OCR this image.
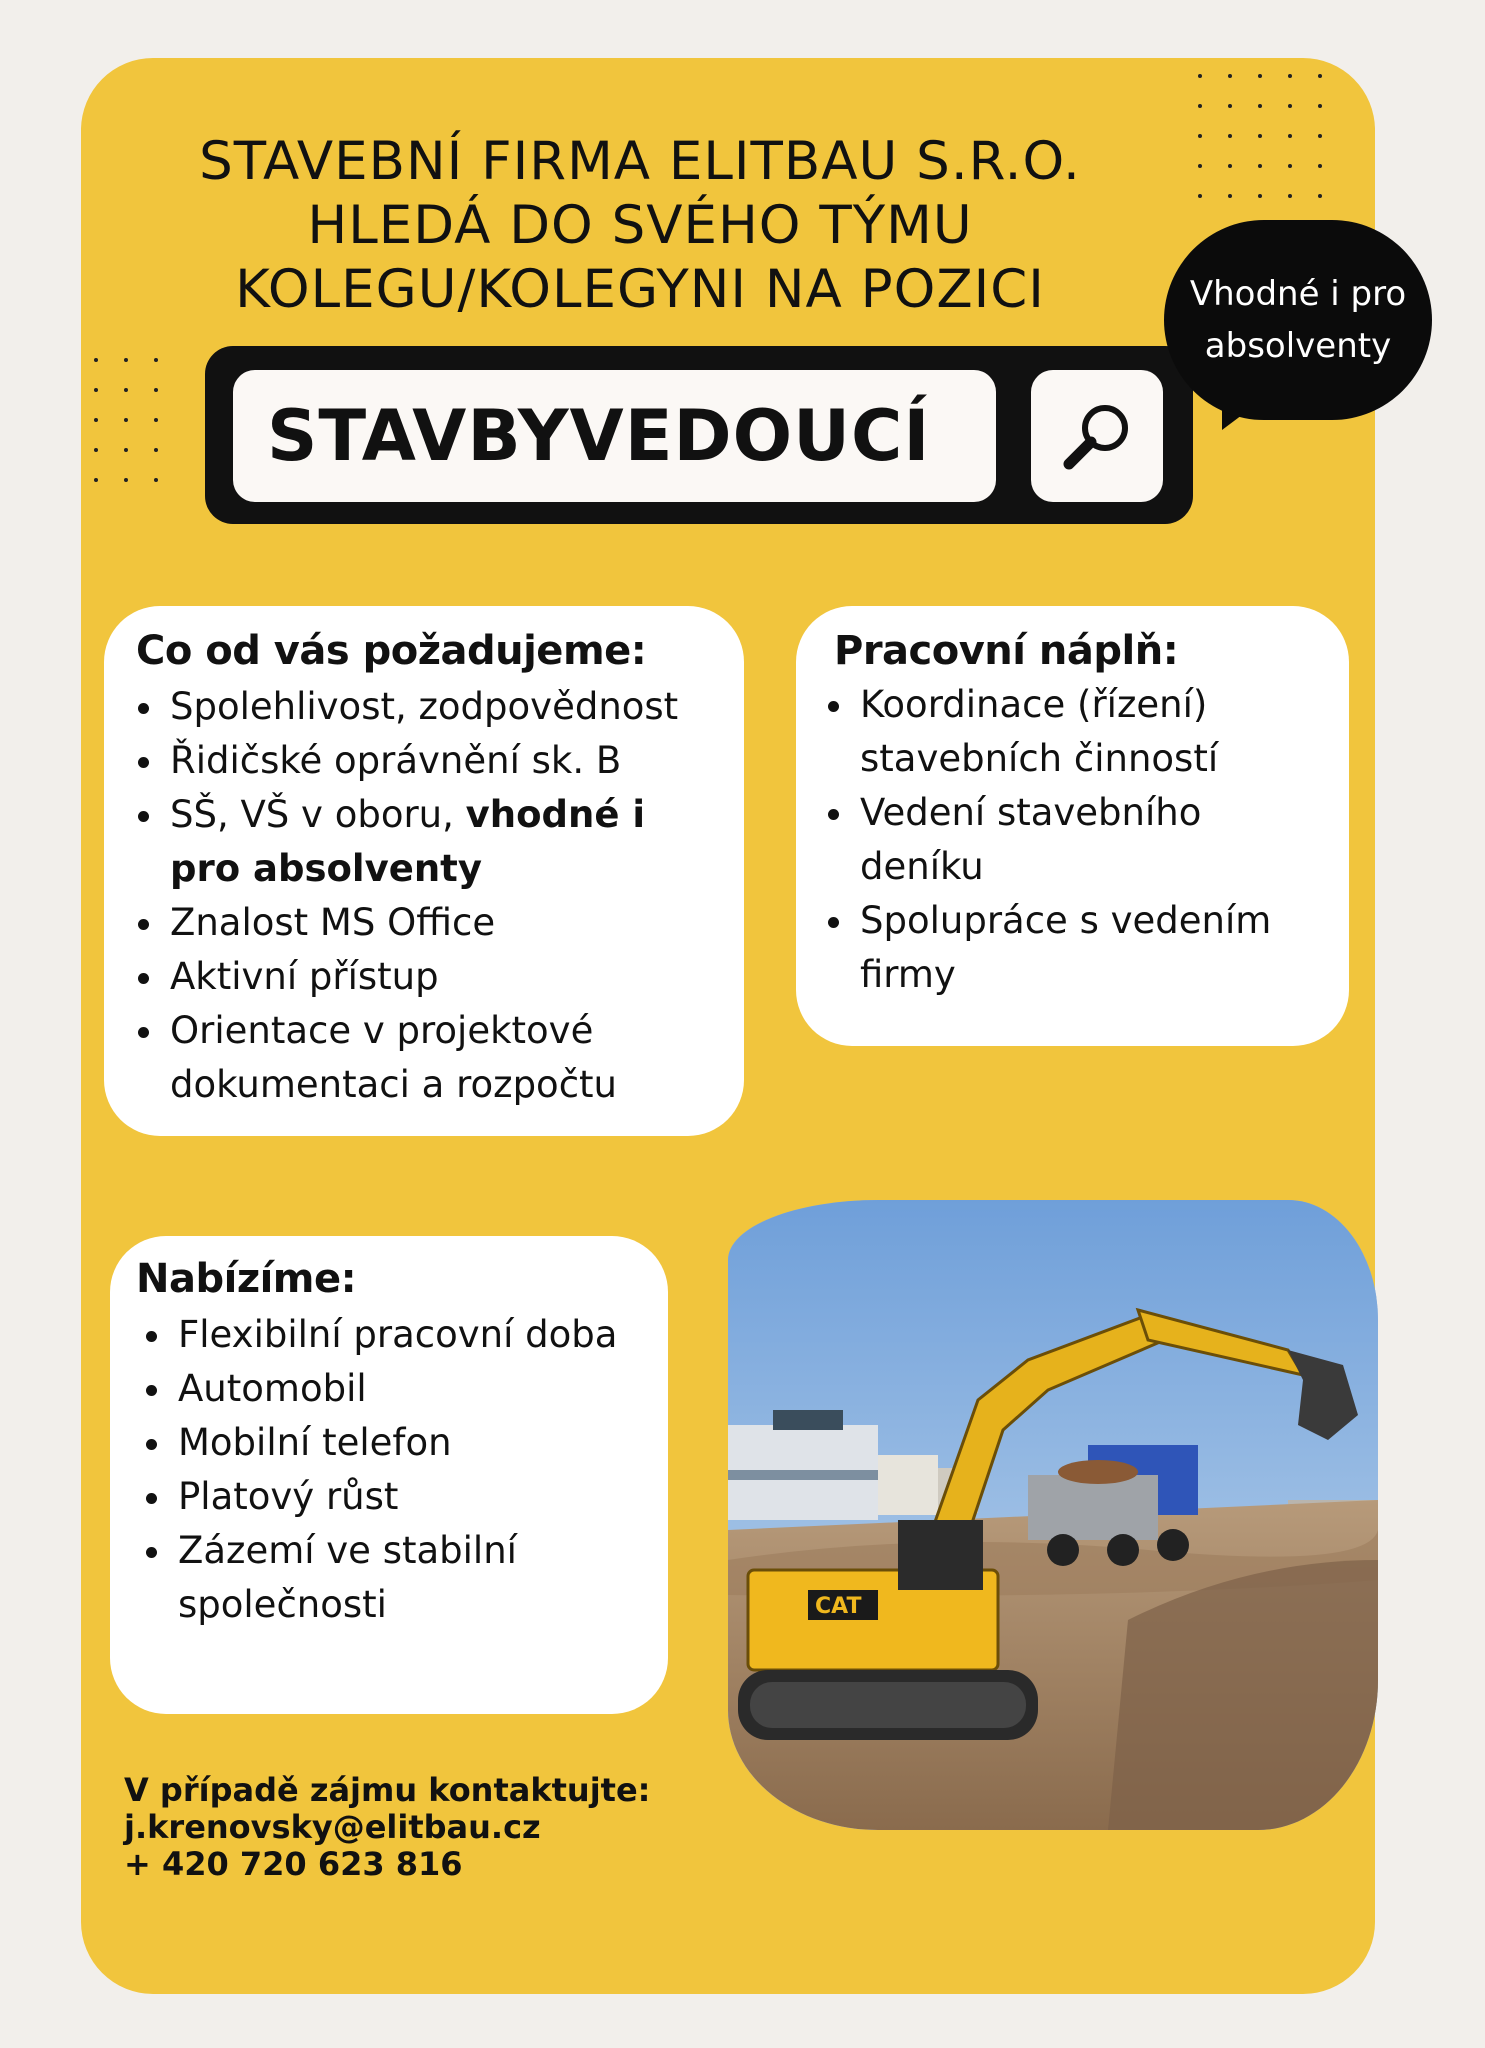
STAVEBNÍ FIRMA ELITBAU S.R.O.
HLEDÁ DO SVÉHO TÝMU
KOLEGU/KOLEGYNI NA POZICI
STAVBYVEDOUCÍ
Vhodné i pro
absolventy
Co od vás požadujeme:
Spolehlivost, zodpovědnost
Řidičské oprávnění sk. B
SŠ, VŠ v oboru, vhodné i pro absolventy
Znalost MS Office
Aktivní přístup
Orientace v projektové dokumentaci a rozpočtu
Pracovní náplň:
Koordinace (řízení) stavebních činností
Vedení stavebního deníku
Spolupráce s vedením firmy
Nabízíme:
Flexibilní pracovní doba
Automobil
Mobilní telefon
Platový růst
Zázemí ve stabilní společnosti	CAT
V případě zájmu kontaktujte:
j.krenovsky@elitbau.cz
+ 420 720 623 816
